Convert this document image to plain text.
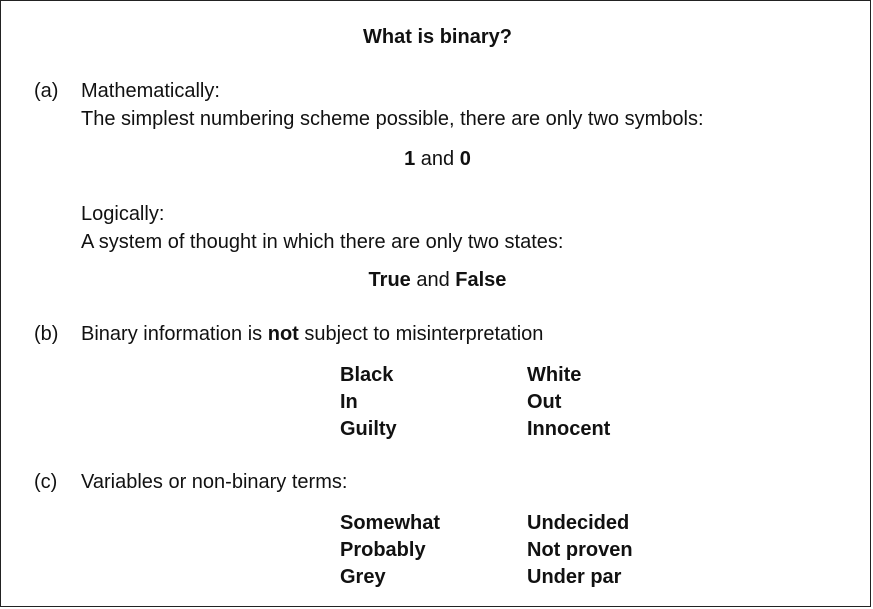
What is binary?
(a) Mathematically:
The simplest numbering scheme possible, there are only two symbols:
1 and 0
Logically:
A system of thought in which there are only two states:
True and False
(b) Binary information is not subject to misinterpretation
Black	White
In	Out
Guilty	Innocent
(c) Variables or non-binary terms:
Somewhat	Undecided
Probably	Not proven
Grey	Under par
